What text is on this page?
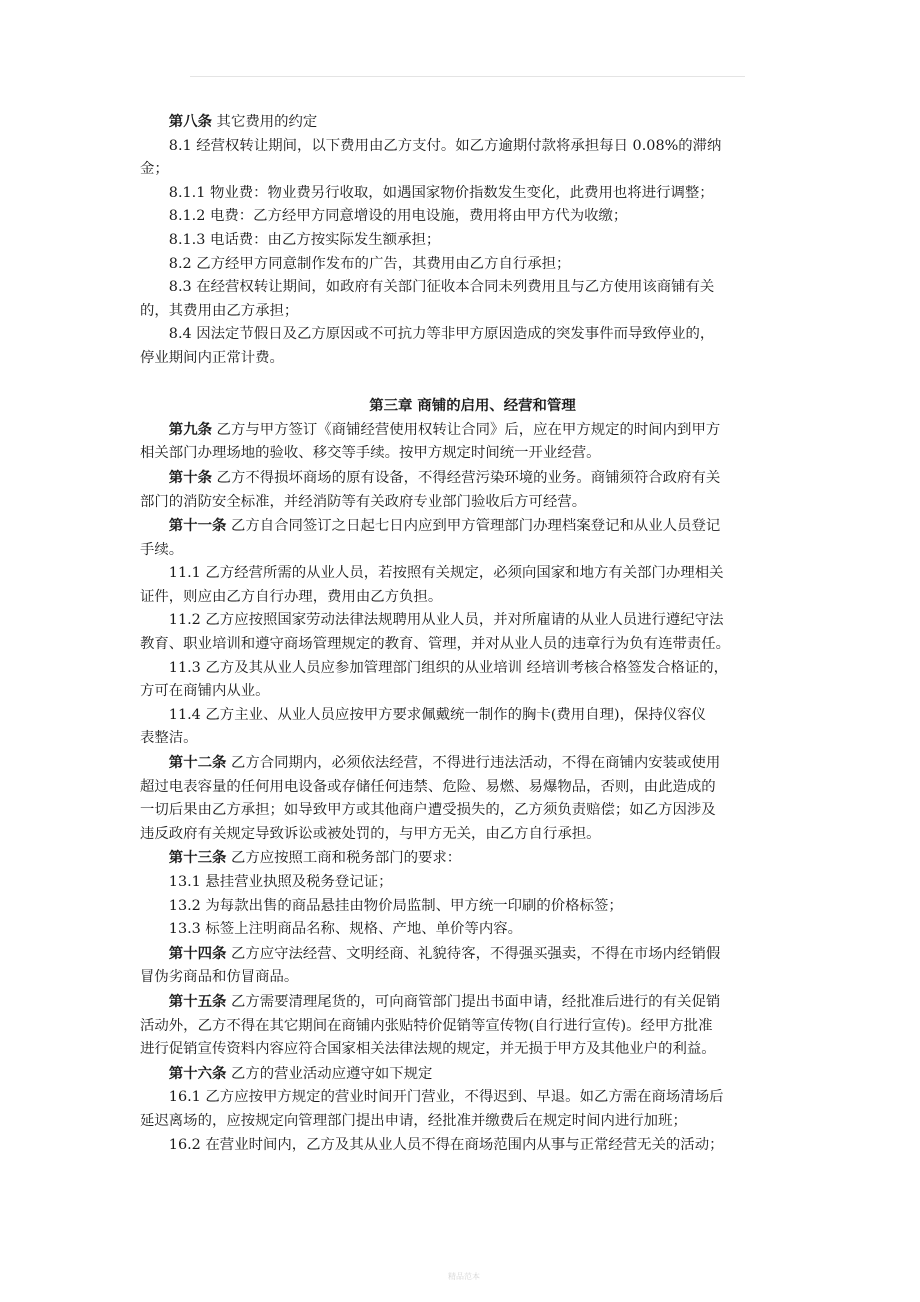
第八条 其它费用的约定

8.1 经营权转让期间，以下费用由乙方支付。如乙方逾期付款将承担每日 0.08%的滞纳

金；

8.1.1 物业费：物业费另行收取，如遇国家物价指数发生变化，此费用也将进行调整；

8.1.2 电费：乙方经甲方同意增设的用电设施，费用将由甲方代为收缴；

8.1.3 电话费：由乙方按实际发生额承担；

8.2 乙方经甲方同意制作发布的广告，其费用由乙方自行承担；

8.3 在经营权转让期间，如政府有关部门征收本合同未列费用且与乙方使用该商铺有关

的，其费用由乙方承担；

8.4 因法定节假日及乙方原因或不可抗力等非甲方原因造成的突发事件而导致停业的，

停业期间内正常计费。

第三章 商铺的启用、经营和管理

第九条 乙方与甲方签订《商铺经营使用权转让合同》后，应在甲方规定的时间内到甲方

相关部门办理场地的验收、移交等手续。按甲方规定时间统一开业经营。

第十条 乙方不得损坏商场的原有设备，不得经营污染环境的业务。商铺须符合政府有关

部门的消防安全标准，并经消防等有关政府专业部门验收后方可经营。

第十一条 乙方自合同签订之日起七日内应到甲方管理部门办理档案登记和从业人员登记

手续。

11.1 乙方经营所需的从业人员，若按照有关规定，必须向国家和地方有关部门办理相关

证件，则应由乙方自行办理，费用由乙方负担。

11.2 乙方应按照国家劳动法律法规聘用从业人员，并对所雇请的从业人员进行遵纪守法

教育、职业培训和遵守商场管理规定的教育、管理，并对从业人员的违章行为负有连带责任。

11.3 乙方及其从业人员应参加管理部门组织的从业培训 经培训考核合格签发合格证的，

方可在商铺内从业。

11.4 乙方主业、从业人员应按甲方要求佩戴统一制作的胸卡(费用自理)，保持仪容仪

表整洁。

第十二条 乙方合同期内，必须依法经营，不得进行违法活动，不得在商铺内安装或使用

超过电表容量的任何用电设备或存储任何违禁、危险、易燃、易爆物品，否则，由此造成的

一切后果由乙方承担；如导致甲方或其他商户遭受损失的，乙方须负责赔偿；如乙方因涉及

违反政府有关规定导致诉讼或被处罚的，与甲方无关，由乙方自行承担。

第十三条 乙方应按照工商和税务部门的要求：

13.1 悬挂营业执照及税务登记证；

13.2 为每款出售的商品悬挂由物价局监制、甲方统一印刷的价格标签；

13.3 标签上注明商品名称、规格、产地、单价等内容。

第十四条 乙方应守法经营、文明经商、礼貌待客，不得强买强卖，不得在市场内经销假

冒伪劣商品和仿冒商品。

第十五条 乙方需要清理尾货的，可向商管部门提出书面申请，经批准后进行的有关促销

活动外，乙方不得在其它期间在商铺内张贴特价促销等宣传物(自行进行宣传)。经甲方批准

进行促销宣传资料内容应符合国家相关法律法规的规定，并无损于甲方及其他业户的利益。

第十六条 乙方的营业活动应遵守如下规定

16.1 乙方应按甲方规定的营业时间开门营业，不得迟到、早退。如乙方需在商场清场后

延迟离场的，应按规定向管理部门提出申请，经批准并缴费后在规定时间内进行加班；

16.2 在营业时间内，乙方及其从业人员不得在商场范围内从事与正常经营无关的活动；

精品范本
